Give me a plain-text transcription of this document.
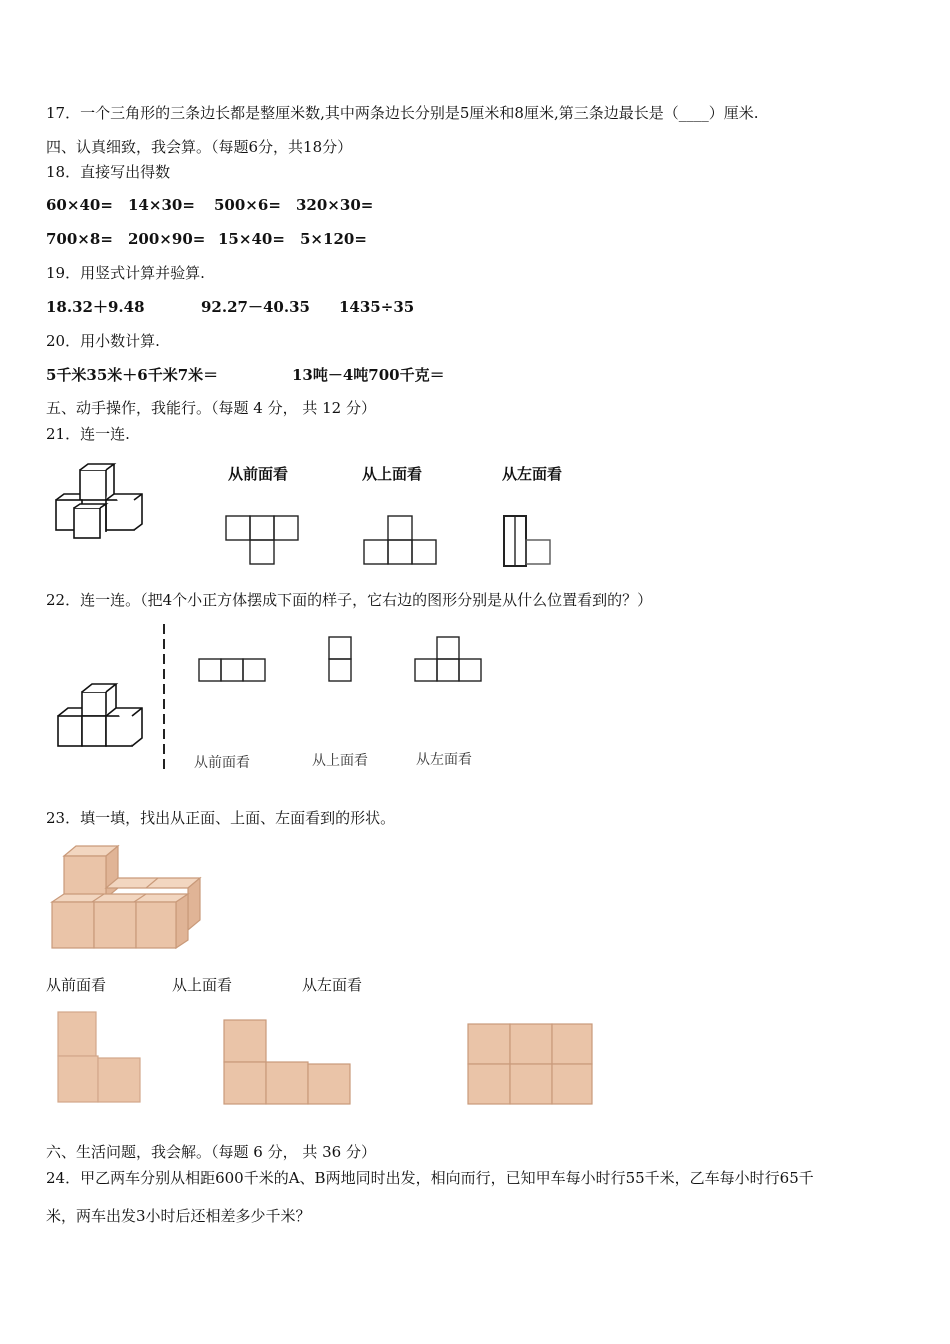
17．一个三角形的三条边长都是整厘米数,其中两条边长分别是5厘米和8厘米,第三条边最长是（____）厘米.
四、认真细致，我会算。（每题6分，共18分）
18．直接写出得数
60×40= 14×30= 500×6= 320×30=
700×8= 200×90= 15×40= 5×120=
19．用竖式计算并验算.
18.32＋9.48	92.27－40.35 1435÷35
20．用小数计算.
5千米35米＋6千米7米＝	13吨－4吨700千克＝
五、动手操作，我能行。（每题 4 分， 共 12 分）
21．连一连.
从前面看	从上面看	从左面看
22．连一连。（把4个小正方体摆成下面的样子，它右边的图形分别是从什么位置看到的？）
从前面看	从上面看	从左面看
23．填一填，找出从正面、上面、左面看到的形状。
从前面看	从上面看	从左面看
六、生活问题，我会解。（每题 6 分， 共 36 分）
24．甲乙两车分别从相距600千米的A、B两地同时出发，相向而行，已知甲车每小时行55千米，乙车每小时行65千
米，两车出发3小时后还相差多少千米？
